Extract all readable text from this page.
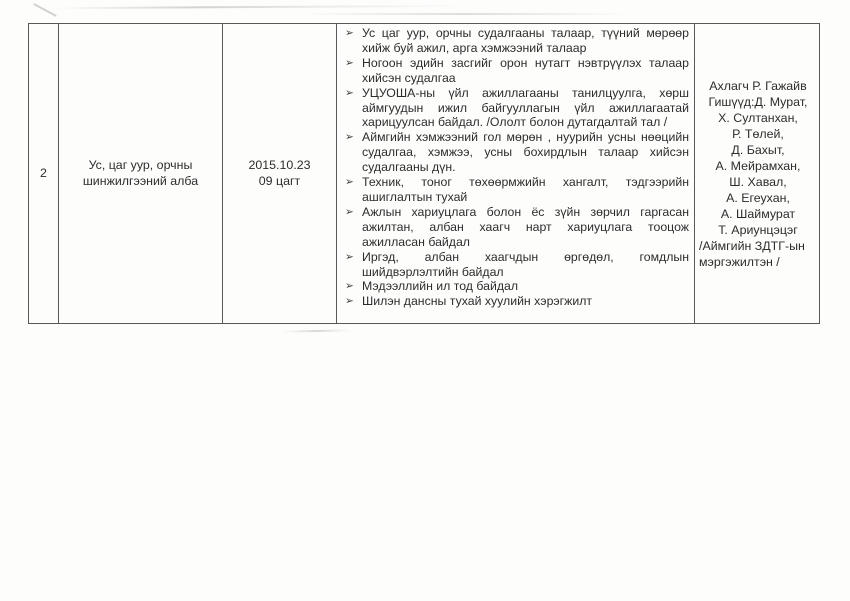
2
Ус, цаг уур, орчны шинжилгээний алба
2015.10.23
09 цагт
➢ Ус цаг уур, орчны судалгааны талаар, түүний мөрөөр хийж буй ажил, арга хэмжээний талаар
➢ Ногоон эдийн засгийг орон нутагт нэвтрүүлэх талаар хийсэн судалгаа
➢ УЦУОША-ны үйл ажиллагааны танилцуулга, хөрш аймгуудын ижил байгууллагын үйл ажиллагаатай харицуулсан байдал. /Ололт болон дутагдалтай тал /
➢ Аймгийн хэмжээний гол мөрөн , нуурийн усны нөөцийн судалгаа, хэмжээ, усны бохирдлын талаар хийсэн судалгааны дүн.
➢ Техник, тоног төхөөрмжийн хангалт, тэдгээрийн ашиглалтын тухай
➢ Ажлын хариуцлага болон ёс зүйн зөрчил гаргасан ажилтан, албан хаагч нарт хариуцлага тооцож ажилласан байдал
➢ Иргэд, албан хаагчдын өргөдөл, гомдлын шийдвэрлэлтийн байдал
➢ Мэдээллийн ил тод байдал
➢ Шилэн дансны тухай хуулийн хэрэгжилт
Ахлагч Р. Гажайв
Гишүүд:Д. Мурат,
Х. Султанхан,
Р. Төлей,
Д. Бахыт,
А. Мейрамхан,
Ш. Хавал,
А. Егеухан,
А. Шаймурат
Т. Ариунцэцэг
/Аймгийн ЗДТГ-ын
мэргэжилтэн /
